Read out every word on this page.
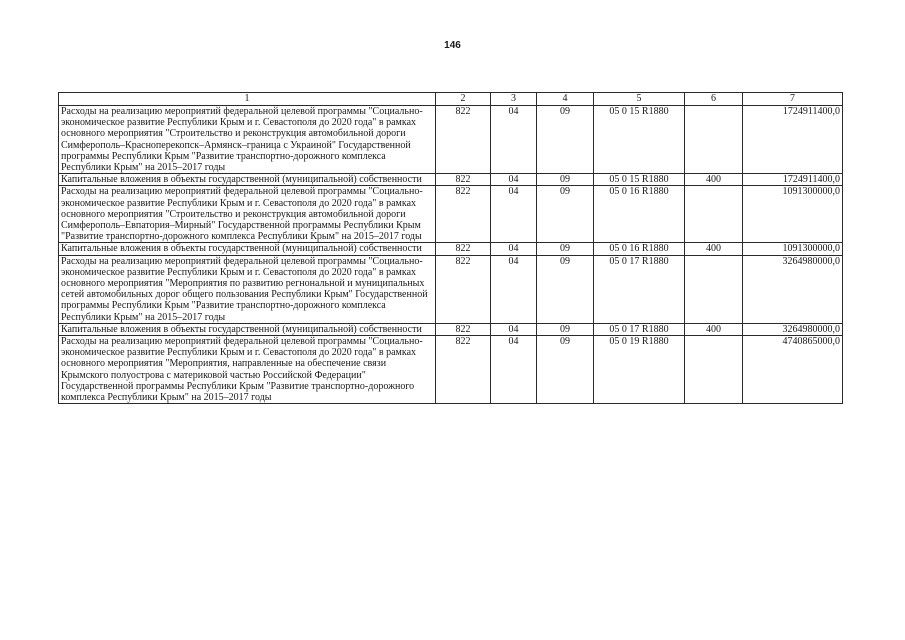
146
1	2	3	4	5	6	7
Расходы на реализацию мероприятий федеральной целевой программы "Социально-экономическое развитие Республики Крым и г. Севастополя до 2020 года" в рамках основного мероприятия "Строительство и реконструкция автомобильной дороги Симферополь–Красноперекопск–Армянск–граница с Украиной" Государственной программы Республики Крым "Развитие транспортно-дорожного комплекса Республики Крым" на 2015–2017 годы	822	04	09	05 0 15 R1880		1724911400,0
Капитальные вложения в объекты государственной (муниципальной) собственности	822	04	09	05 0 15 R1880	400	1724911400,0
Расходы на реализацию мероприятий федеральной целевой программы "Социально-экономическое развитие Республики Крым и г. Севастополя до 2020 года" в рамках основного мероприятия "Строительство и реконструкция автомобильной дороги Симферополь–Евпатория–Мирный" Государственной программы Республики Крым "Развитие транспортно-дорожного комплекса Республики Крым" на 2015–2017 годы	822	04	09	05 0 16 R1880		1091300000,0
Капитальные вложения в объекты государственной (муниципальной) собственности	822	04	09	05 0 16 R1880	400	1091300000,0
Расходы на реализацию мероприятий федеральной целевой программы "Социально-экономическое развитие Республики Крым и г. Севастополя до 2020 года" в рамках основного мероприятия "Мероприятия по развитию регнональной и муниципальных сетей автомобильных дорог общего пользования Республики Крым" Государственной программы Республики Крым "Развитие транспортно-дорожного комплекса Республики Крым" на 2015–2017 годы	822	04	09	05 0 17 R1880		3264980000,0
Капитальные вложения в объекты государственной (муниципальной) собственности	822	04	09	05 0 17 R1880	400	3264980000,0
Расходы на реализацию мероприятий федеральной целевой программы "Социально-экономическое развитие Республики Крым и г. Севастополя до 2020 года" в рамках основного мероприятия "Мероприятия, направленные на обеспечение связи Крымского полуострова с материковой частью Российской Федерации" Государственной программы Республики Крым "Развитие транспортно-дорожного комплекса Республики Крым" на 2015–2017 годы	822	04	09	05 0 19 R1880		4740865000,0
